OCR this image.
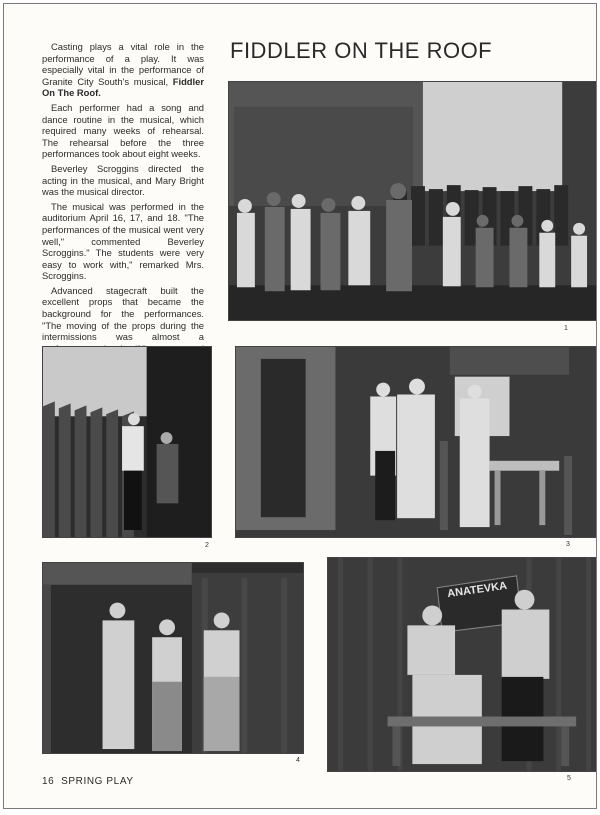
Casting plays a vital role in the performance of a play. It was especially vital in the performance of Granite City South's musical, Fiddler On The Roof.

Each performer had a song and dance routine in the musical, which required many weeks of rehearsal. The rehearsal before the three performances took about eight weeks.

Beverley Scroggins directed the acting in the musical, and Mary Bright was the musical director.

The musical was performed in the auditorium April 16, 17, and 18. "The performances of the musical went very well," commented Beverley Scroggins." The students were very easy to work with," remarked Mrs. Scroggins.

Advanced stagecraft built the excellent props that became the background for the performances. "The moving of the props during the intermissions was almost a

FIDDLER ON THE ROOF
1
2	3
4
ANATEVKA
5
16 SPRING PLAY
